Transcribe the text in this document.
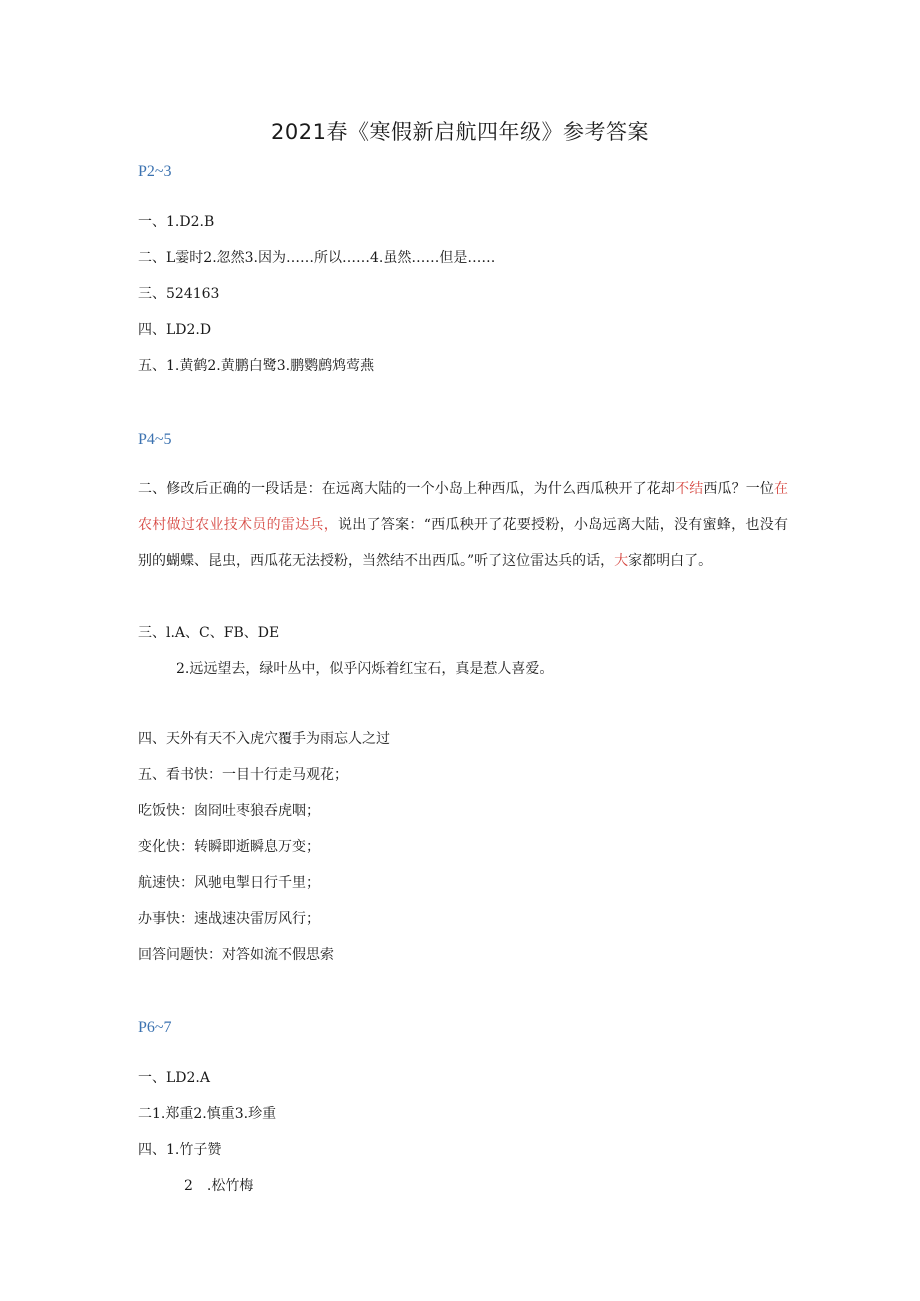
2021春《寒假新启航四年级》参考答案
P2~3
一、1.D2.B
二、L霎时2.忽然3.因为……所以……4.虽然……但是……
三、524163
四、LD2.D
五、1.黄鹤2.黄鹏白鹭3.鹏鹦鹧鸩莺燕
P4~5
二、修改后正确的一段话是：在远离大陆的一个小岛上种西瓜，为什么西瓜秧开了花却不结西瓜？一位在农村做过农业技术员的雷达兵，说出了答案：“西瓜秧开了花要授粉，小岛远离大陆，没有蜜蜂，也没有别的蝴蝶、昆虫，西瓜花无法授粉，当然结不出西瓜。”听了这位雷达兵的话，大家都明白了。
三、l.A、C、FB、DE
2.远远望去，绿叶丛中，似乎闪烁着红宝石，真是惹人喜爱。
四、天外有天不入虎穴覆手为雨忘人之过
五、看书快：一目十行走马观花；
吃饭快：囱冏吐枣狼吞虎咽；
变化快：转瞬即逝瞬息万变；
航速快：风驰电掣日行千里；
办事快：速战速决雷厉风行；
回答问题快：对答如流不假思索
P6~7
一、LD2.A
二1.郑重2.慎重3.珍重
四、1.竹子赞
2　.松竹梅
